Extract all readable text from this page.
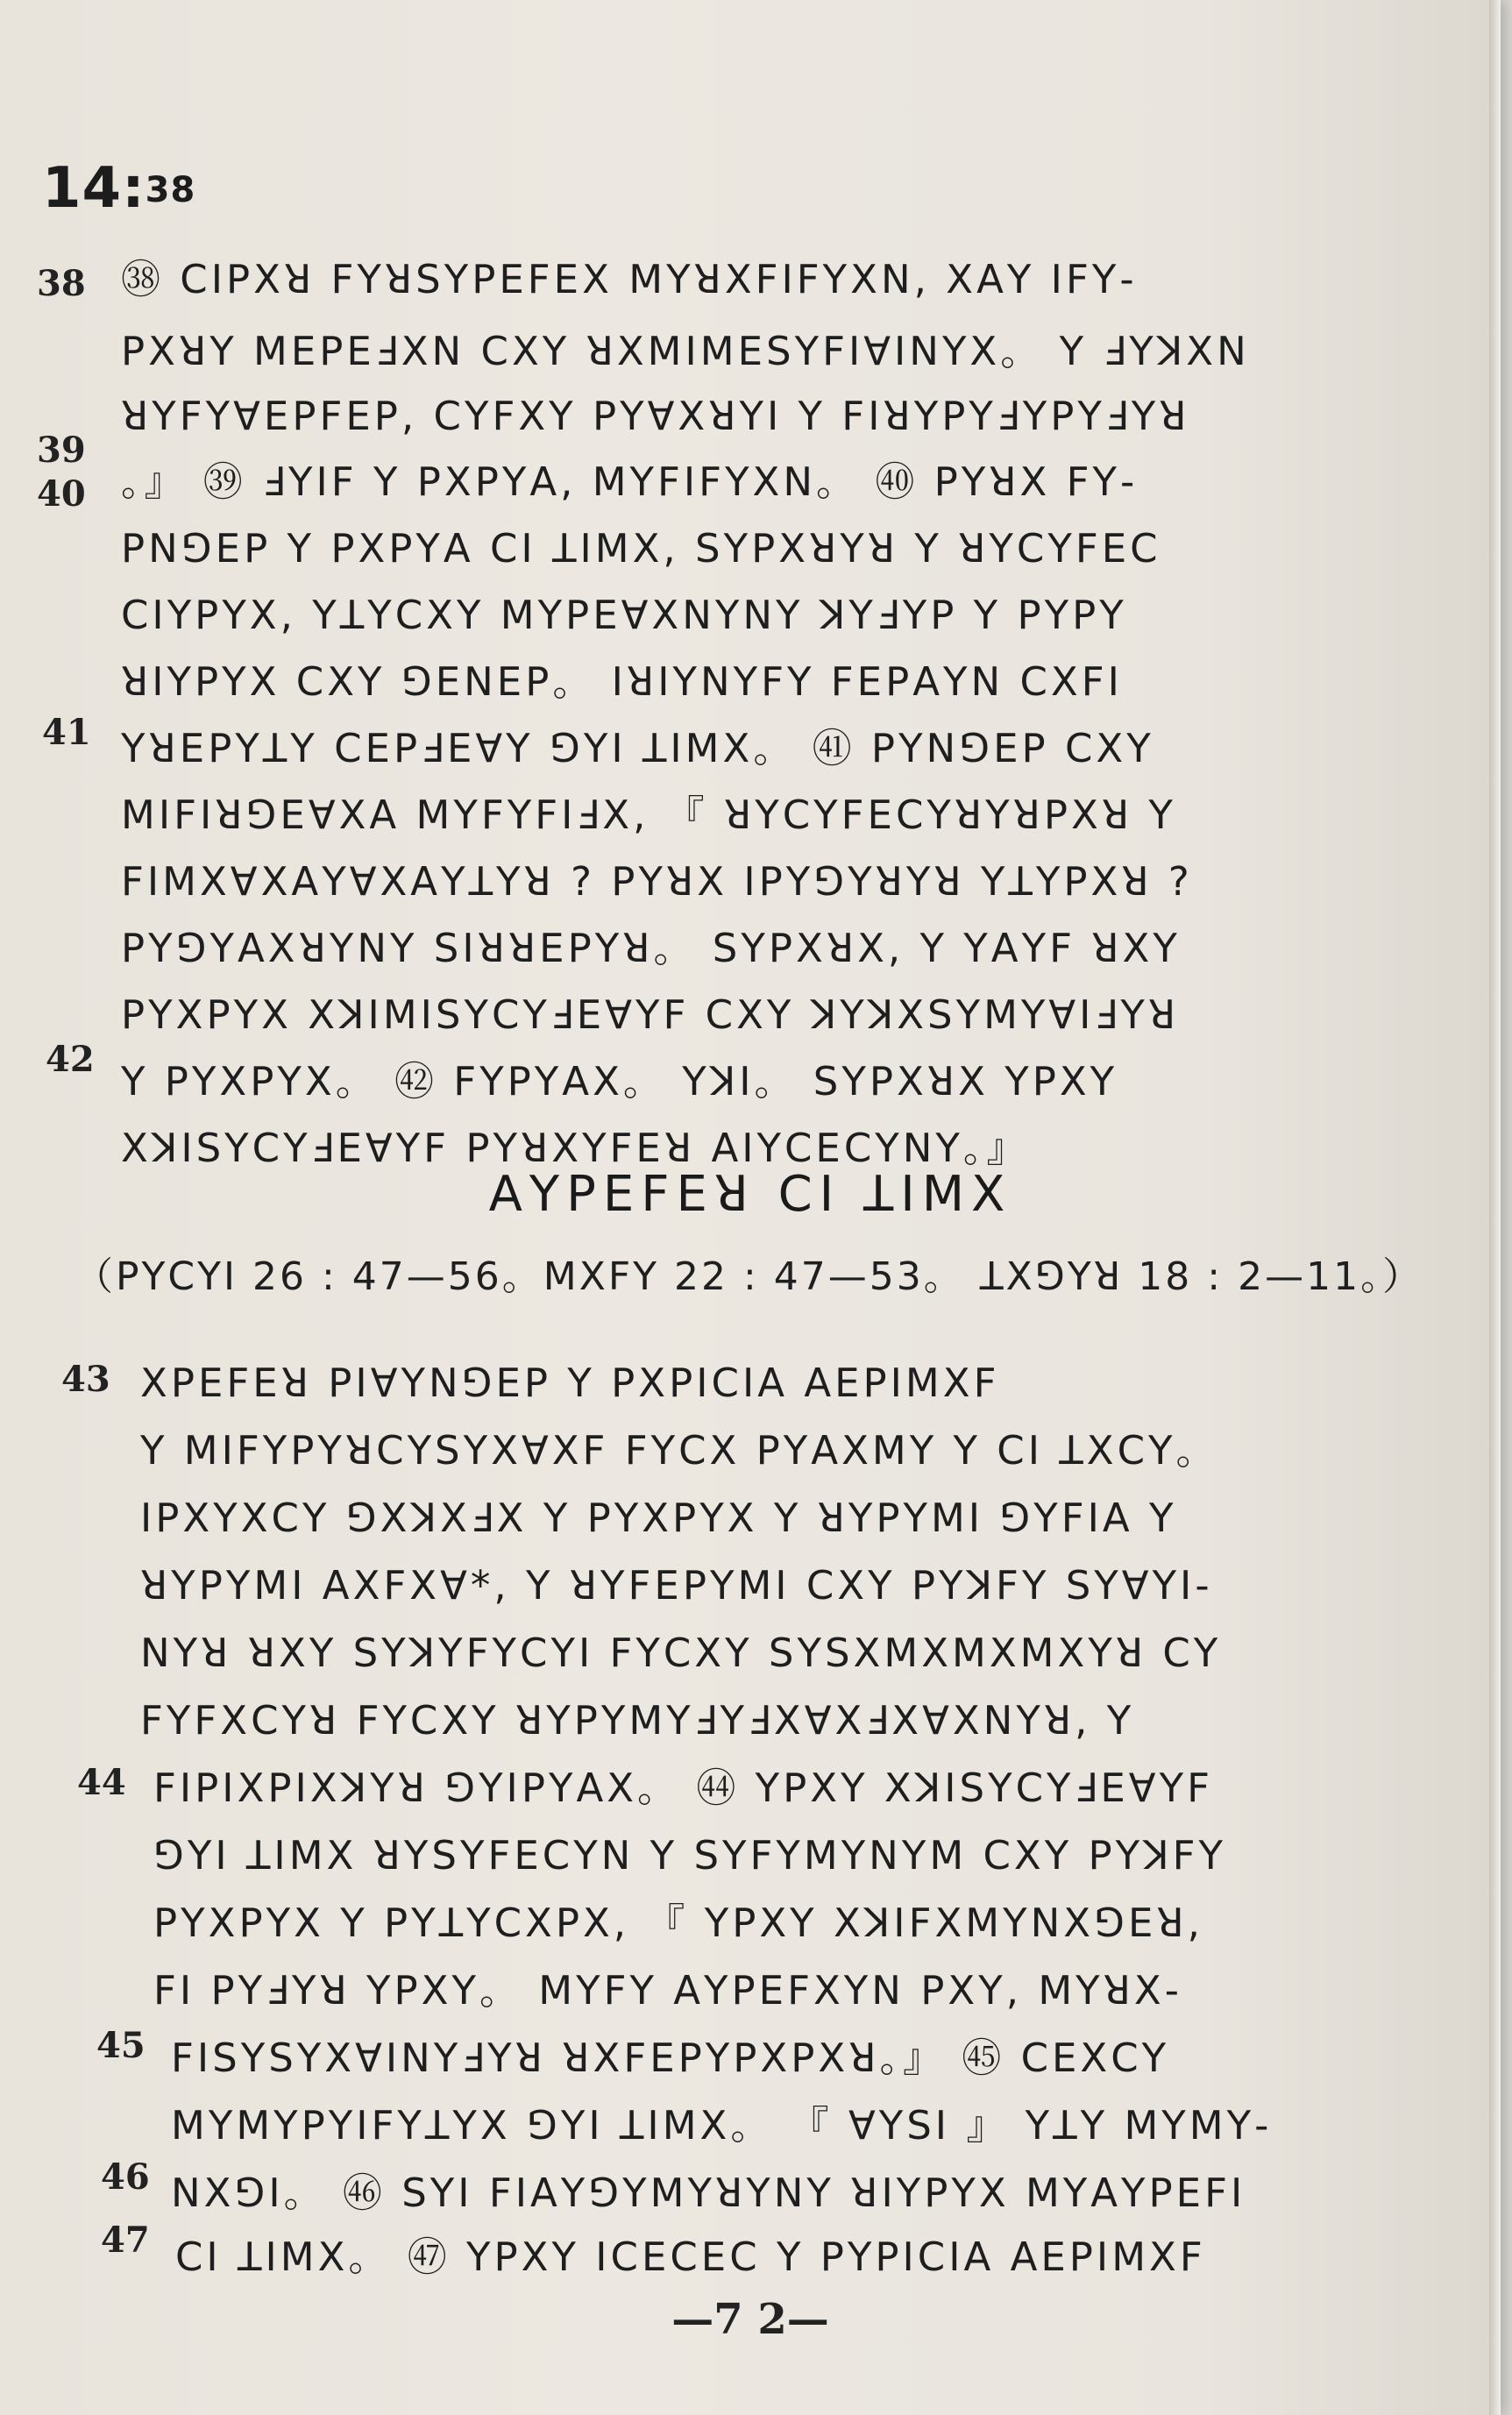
14:38
38
39
40
41
42
43
44
45
46
47
㊳ ꓚꓲꓑꓫꓤ ꓝꓬꓤꓢꓬꓑꓰꓝꓰꓫ ꓟꓬꓤꓫꓝꓲꓝꓬꓫꓠ, ꓫꓮꓬ ꓲꓝꓬ-
ꓑꓫꓤꓬ ꓟꓰꓑꓰꓞꓫꓠ ꓚꓫꓬ ꓤꓫꓟꓲꓟꓰꓢꓬꓝꓲꓯꓲꓠꓬꓫ。 ꓬ ꓞꓬꓘꓫꓠ
ꓤꓬꓝꓬꓯꓰꓑꓝꓰꓑ, ꓚꓬꓝꓫꓬ ꓑꓬꓯꓫꓤꓬꓲ ꓬ ꓝꓲꓤꓬꓑꓬꓞꓬꓑꓬꓞꓬꓤ
。』 ㊴ ꓞꓬꓲꓝ ꓬ ꓑꓫꓑꓬꓮ, ꓟꓬꓝꓲꓝꓬꓫꓠ。 ㊵ ꓑꓬꓤꓫ ꓝꓬ-
ꓑꓠꓨꓰꓑ ꓬ ꓑꓫꓑꓬꓮ ꓚꓲ ꓕꓲꓟꓫ, ꓢꓬꓑꓫꓤꓬꓤ ꓬ ꓤꓬꓚꓬꓝꓰꓚ
ꓚꓲꓬꓑꓬꓫ, ꓬꓕꓬꓚꓫꓬ ꓟꓬꓑꓰꓯꓫꓠꓬꓠꓬ ꓘꓬꓞꓬꓑ ꓬ ꓑꓬꓑꓬ
ꓤꓲꓬꓑꓬꓫ ꓚꓫꓬ ꓨꓰꓠꓰꓑ。 ꓲꓤꓲꓬꓠꓬꓝꓬ ꓝꓰꓑꓮꓬꓠ ꓚꓫꓝꓲ
ꓬꓤꓰꓑꓬꓕꓬ ꓚꓰꓑꓞꓰꓯꓬ ꓨꓬꓲ ꓕꓲꓟꓫ。 ㊶ ꓑꓬꓠꓨꓰꓑ ꓚꓫꓬ
ꓟꓲꓝꓲꓤꓨꓰꓯꓫꓮ ꓟꓬꓝꓬꓝꓲꓞꓫ, 『 ꓤꓬꓚꓬꓝꓰꓚꓬꓤꓬꓤꓑꓫꓤ ꓬ
ꓝꓲꓟꓫꓯꓫꓮꓬꓯꓫꓮꓬꓕꓬꓤ ? ꓑꓬꓤꓫ ꓲꓑꓬꓨꓬꓤꓬꓤ ꓬꓕꓬꓑꓫꓤ ?
ꓑꓬꓨꓬꓮꓫꓤꓬꓠꓬ ꓢꓲꓤꓤꓰꓑꓬꓤ。 ꓢꓬꓑꓫꓤꓫ, ꓬ ꓬꓮꓬꓝ ꓤꓫꓬ
ꓑꓬꓫꓑꓬꓫ ꓫꓘꓲꓟꓲꓢꓬꓚꓬꓞꓰꓯꓬꓝ ꓚꓫꓬ ꓘꓬꓘꓫꓢꓬꓟꓬꓯꓲꓞꓬꓤ
ꓬ ꓑꓬꓫꓑꓬꓫ。 ㊷ ꓝꓬꓑꓬꓮꓫ。 ꓬꓘꓲ。 ꓢꓬꓑꓫꓤꓫ ꓬꓑꓫꓬ
ꓫꓘꓲꓢꓬꓚꓬꓞꓰꓯꓬꓝ ꓑꓬꓤꓫꓬꓝꓰꓤ ꓮꓲꓬꓚꓰꓚꓬꓠꓬ。』
ꓮꓬꓑꓰꓝꓰꓤ ꓚꓲ ꓕꓲꓟꓫ
（ꓑꓬꓚꓬꓲ 26 : 47—56。ꓟꓫꓝꓬ 22 : 47—53。 ꓕꓫꓨꓬꓤ 18 : 2—11。）
ꓫꓑꓰꓝꓰꓤ ꓑꓲꓯꓬꓠꓨꓰꓑ ꓬ ꓑꓫꓑꓲꓚꓲꓮ ꓮꓰꓑꓲꓟꓫꓝ
ꓬ ꓟꓲꓝꓬꓑꓬꓤꓚꓬꓢꓬꓫꓯꓫꓝ ꓝꓬꓚꓫ ꓑꓬꓮꓫꓟꓬ ꓬ ꓚꓲ ꓕꓫꓚꓬ。
ꓲꓑꓫꓬꓫꓚꓬ ꓨꓫꓘꓫꓞꓫ ꓬ ꓑꓬꓫꓑꓬꓫ ꓬ ꓤꓬꓑꓬꓟꓲ ꓨꓬꓝꓲꓮ ꓬ
ꓤꓬꓑꓬꓟꓲ ꓮꓫꓝꓫꓯ*, ꓬ ꓤꓬꓝꓰꓑꓬꓟꓲ ꓚꓫꓬ ꓑꓬꓘꓝꓬ ꓢꓬꓯꓬꓲ-
ꓠꓬꓤ ꓤꓫꓬ ꓢꓬꓘꓬꓝꓬꓚꓬꓲ ꓝꓬꓚꓫꓬ ꓢꓬꓢꓫꓟꓫꓟꓫꓟꓫꓬꓤ ꓚꓬ
ꓝꓬꓝꓫꓚꓬꓤ ꓝꓬꓚꓫꓬ ꓤꓬꓑꓬꓟꓬꓞꓬꓞꓫꓯꓫꓞꓫꓯꓫꓠꓬꓤ, ꓬ
ꓝꓲꓑꓲꓫꓑꓲꓫꓘꓬꓤ ꓨꓬꓲꓑꓬꓮꓫ。 ㊹ ꓬꓑꓫꓬ ꓫꓘꓲꓢꓬꓚꓬꓞꓰꓯꓬꓝ
ꓨꓬꓲ ꓕꓲꓟꓫ ꓤꓬꓢꓬꓝꓰꓚꓬꓠ ꓬ ꓢꓬꓝꓬꓟꓬꓠꓬꓟ ꓚꓫꓬ ꓑꓬꓘꓝꓬ
ꓑꓬꓫꓑꓬꓫ ꓬ ꓑꓬꓕꓬꓚꓫꓑꓫ, 『 ꓬꓑꓫꓬ ꓫꓘꓲꓝꓫꓟꓬꓠꓫꓨꓰꓤ,
ꓝꓲ ꓑꓬꓞꓬꓤ ꓬꓑꓫꓬ。 ꓟꓬꓝꓬ ꓮꓬꓑꓰꓝꓫꓬꓠ ꓑꓫꓬ, ꓟꓬꓤꓫ-
ꓝꓲꓢꓬꓢꓬꓫꓯꓲꓠꓬꓞꓬꓤ ꓤꓫꓝꓰꓑꓬꓑꓫꓑꓫꓤ。』 ㊺ ꓚꓰꓫꓚꓬ
ꓟꓬꓟꓬꓑꓬꓲꓝꓬꓕꓬꓫ ꓨꓬꓲ ꓕꓲꓟꓫ。 『 ꓯꓬꓢꓲ 』 ꓬꓕꓬ ꓟꓬꓟꓬ-
ꓠꓫꓨꓲ。 ㊻ ꓢꓬꓲ ꓝꓲꓮꓬꓨꓬꓟꓬꓤꓬꓠꓬ ꓤꓲꓬꓑꓬꓫ ꓟꓬꓮꓬꓑꓰꓝꓲ
ꓚꓲ ꓕꓲꓟꓫ。 ㊼ ꓬꓑꓫꓬ ꓲꓚꓰꓚꓰꓚ ꓬ ꓑꓬꓑꓲꓚꓲꓮ ꓮꓰꓑꓲꓟꓫꓝ
—7 2—
